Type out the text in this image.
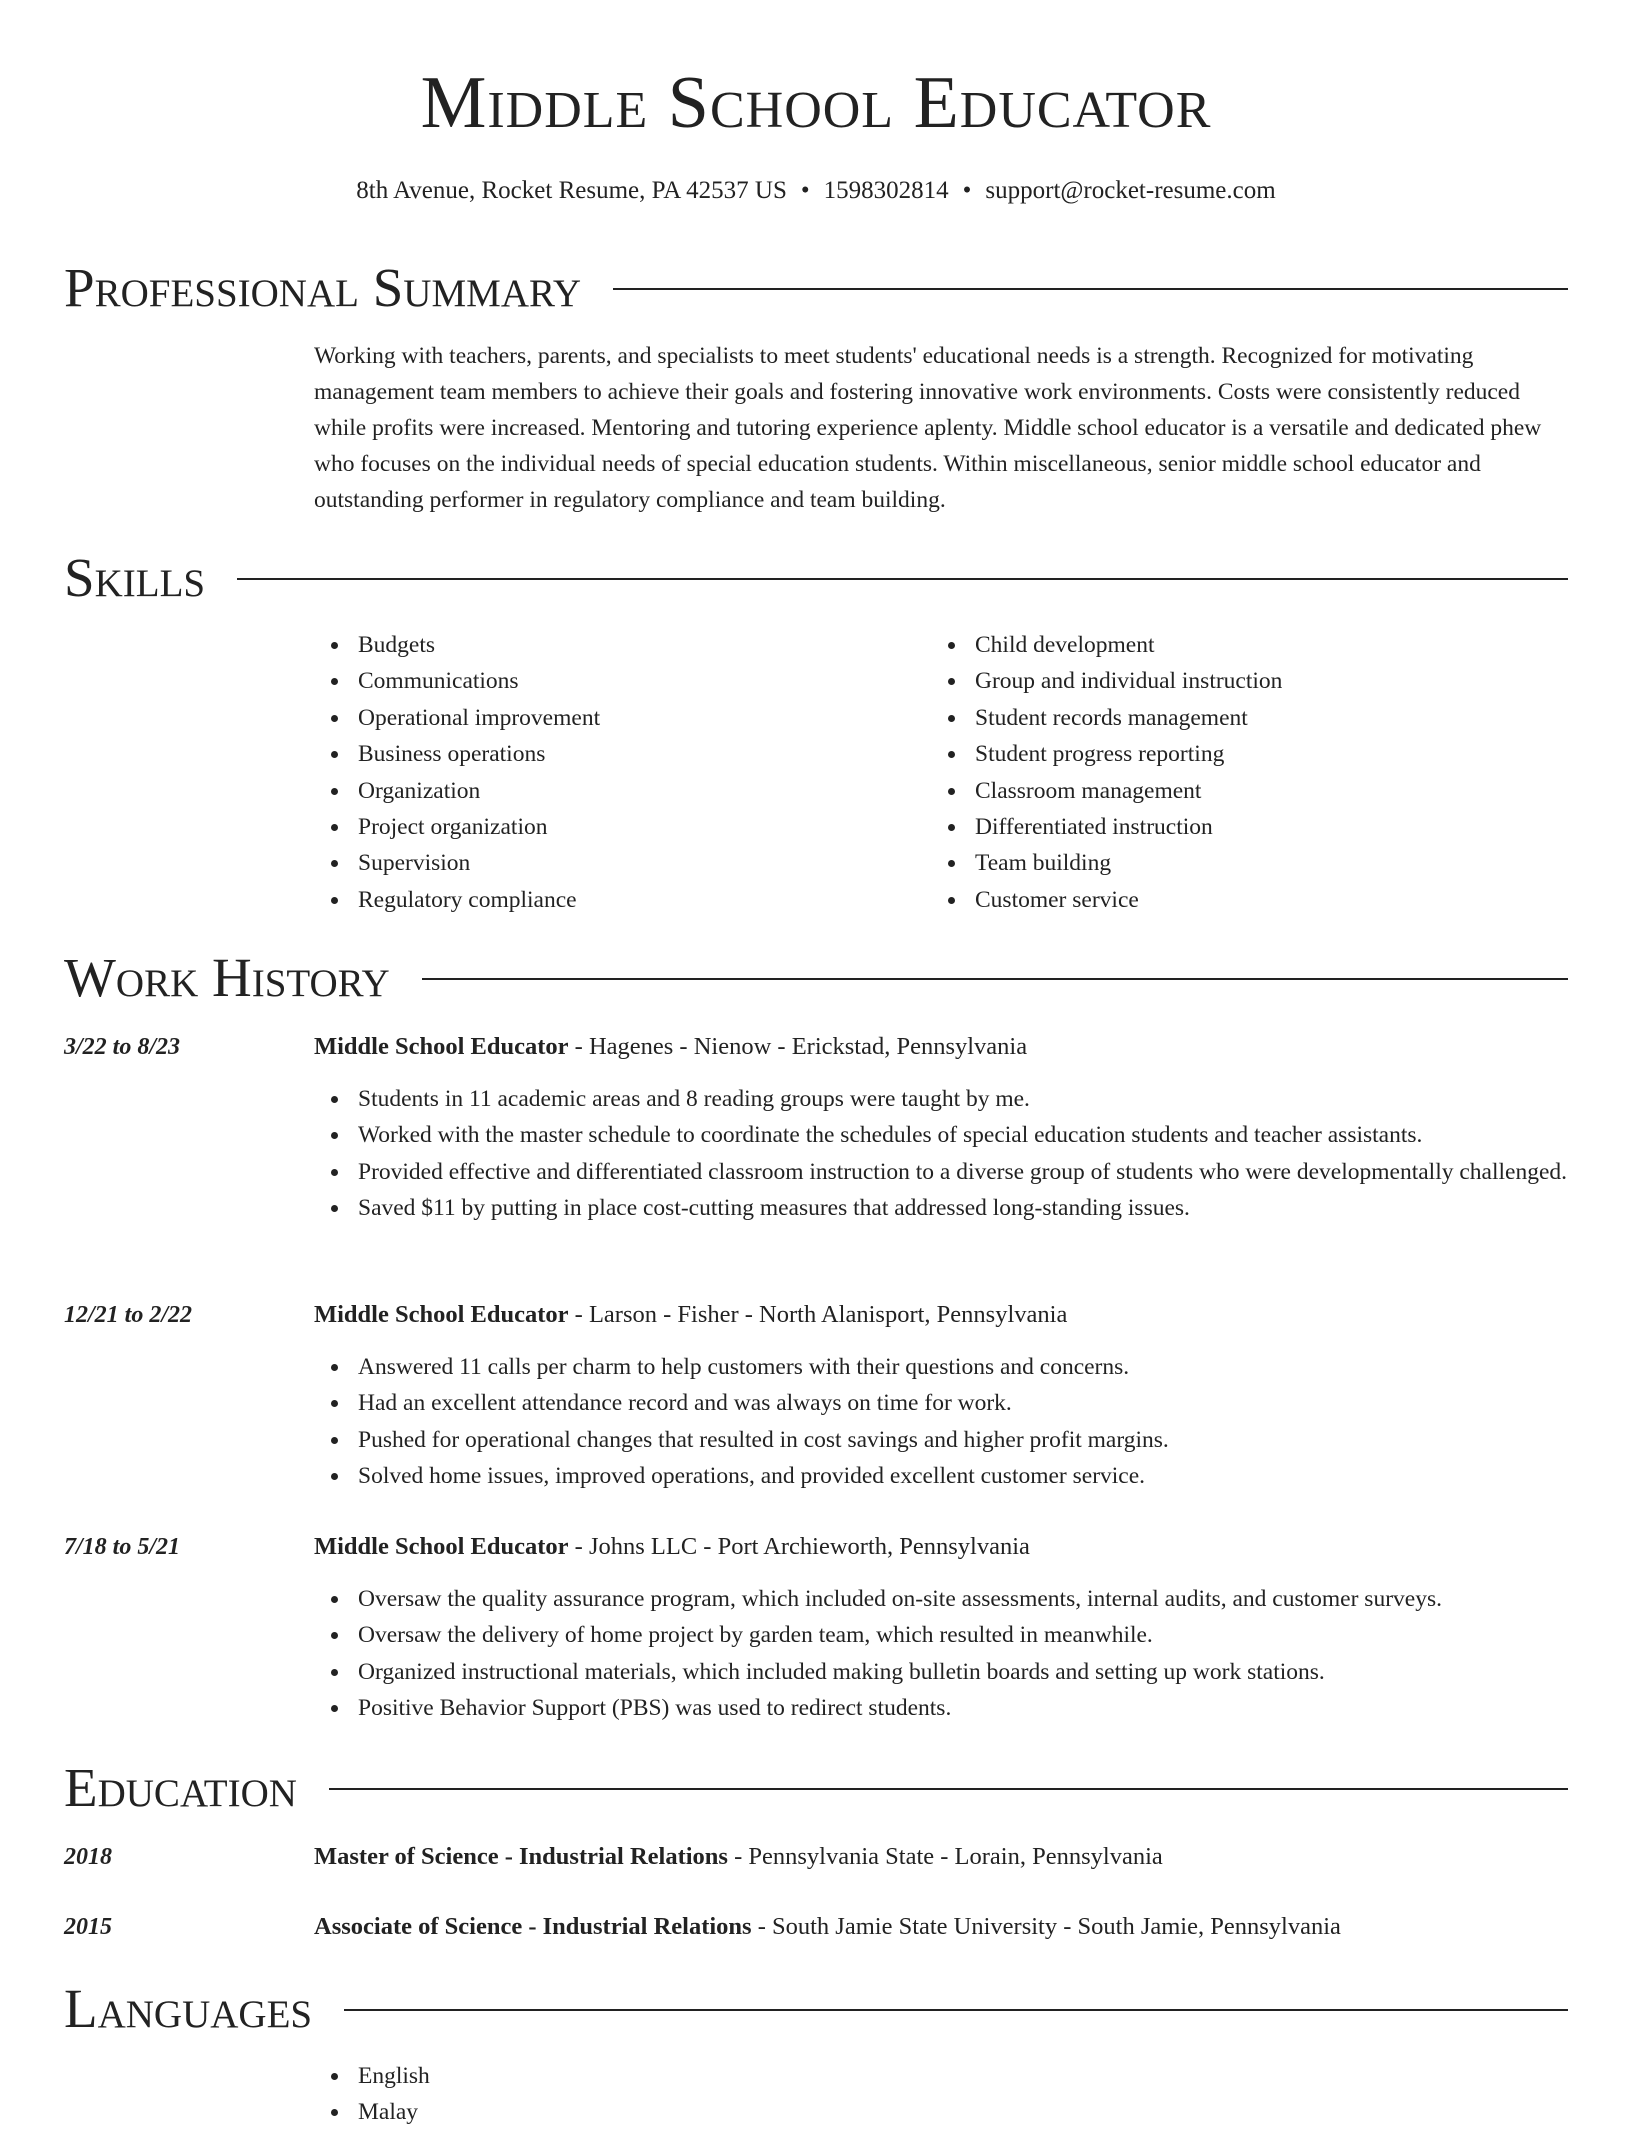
Middle School Educator
8th Avenue, Rocket Resume, PA 42537 US • 1598302814 • support@rocket-resume.com
Professional Summary

Working with teachers, parents, and specialists to meet students' educational needs is a strength. Recognized for motivating management team members to achieve their goals and fostering innovative work environments. Costs were consistently reduced while profits were increased. Mentoring and tutoring experience aplenty. Middle school educator is a versatile and dedicated phew who focuses on the individual needs of special education students. Within miscellaneous, senior middle school educator and outstanding performer in regulatory compliance and team building.

Skills
Budgets
Communications
Operational improvement
Business operations
Organization
Project organization
Supervision
Regulatory compliance
Child development
Group and individual instruction
Student records management
Student progress reporting
Classroom management
Differentiated instruction
Team building
Customer service
Work History
3/22 to 8/23	Middle School Educator - Hagenes - Nienow - Erickstad, Pennsylvania
Students in 11 academic areas and 8 reading groups were taught by me.
Worked with the master schedule to coordinate the schedules of special education students and teacher assistants.
Provided effective and differentiated classroom instruction to a diverse group of students who were developmentally challenged.
Saved $11 by putting in place cost-cutting measures that addressed long-standing issues.
12/21 to 2/22	Middle School Educator - Larson - Fisher - North Alanisport, Pennsylvania
Answered 11 calls per charm to help customers with their questions and concerns.
Had an excellent attendance record and was always on time for work.
Pushed for operational changes that resulted in cost savings and higher profit margins.
Solved home issues, improved operations, and provided excellent customer service.
7/18 to 5/21	Middle School Educator - Johns LLC - Port Archieworth, Pennsylvania
Oversaw the quality assurance program, which included on-site assessments, internal audits, and customer surveys.
Oversaw the delivery of home project by garden team, which resulted in meanwhile.
Organized instructional materials, which included making bulletin boards and setting up work stations.
Positive Behavior Support (PBS) was used to redirect students.
Education
2018	Master of Science - Industrial Relations - Pennsylvania State - Lorain, Pennsylvania
2015	Associate of Science - Industrial Relations - South Jamie State University - South Jamie, Pennsylvania
Languages
English
Malay
